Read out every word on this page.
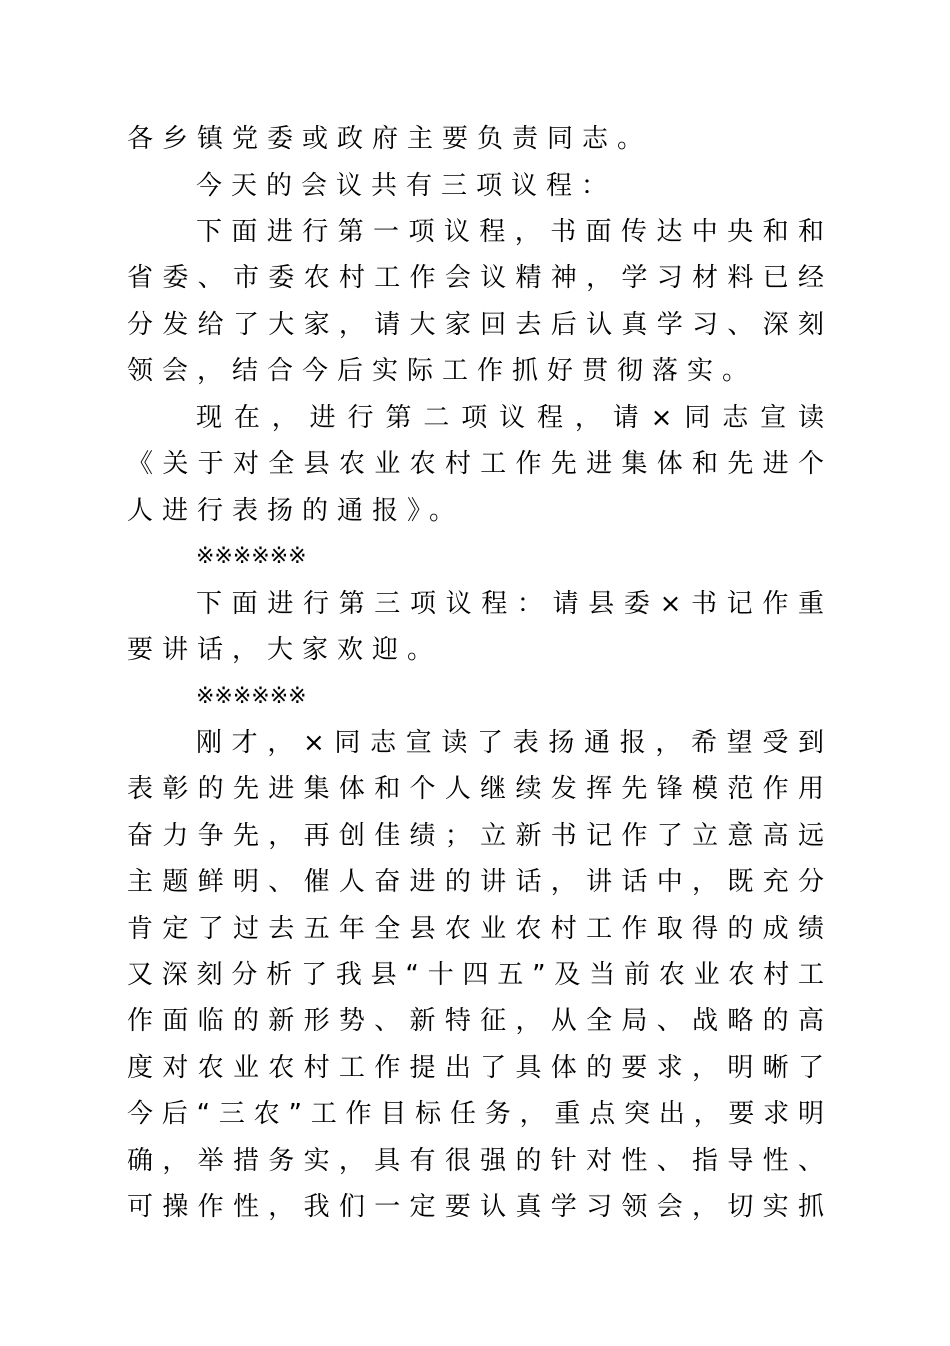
各乡镇党委或政府主要负责同志。
今天的会议共有三项议程：
下面进行第一项议程，书面传达中央和和
省委、市委农村工作会议精神，学习材料已经
分发给了大家，请大家回去后认真学习、深刻
领会，结合今后实际工作抓好贯彻落实。
现在，进行第二项议程，请×同志宣读
《关于对全县农业农村工作先进集体和先进个
人进行表扬的通报》。
※※※※※※
下面进行第三项议程：请县委×书记作重
要讲话，大家欢迎。
※※※※※※
刚才，×同志宣读了表扬通报，希望受到
表彰的先进集体和个人继续发挥先锋模范作用
奋力争先，再创佳绩；立新书记作了立意高远
主题鲜明、催人奋进的讲话，讲话中，既充分
肯定了过去五年全县农业农村工作取得的成绩
又深刻分析了我县“十四五”及当前农业农村工
作面临的新形势、新特征，从全局、战略的高
度对农业农村工作提出了具体的要求，明晰了
今后“三农”工作目标任务，重点突出，要求明
确，举措务实，具有很强的针对性、指导性、
可操作性，我们一定要认真学习领会，切实抓
